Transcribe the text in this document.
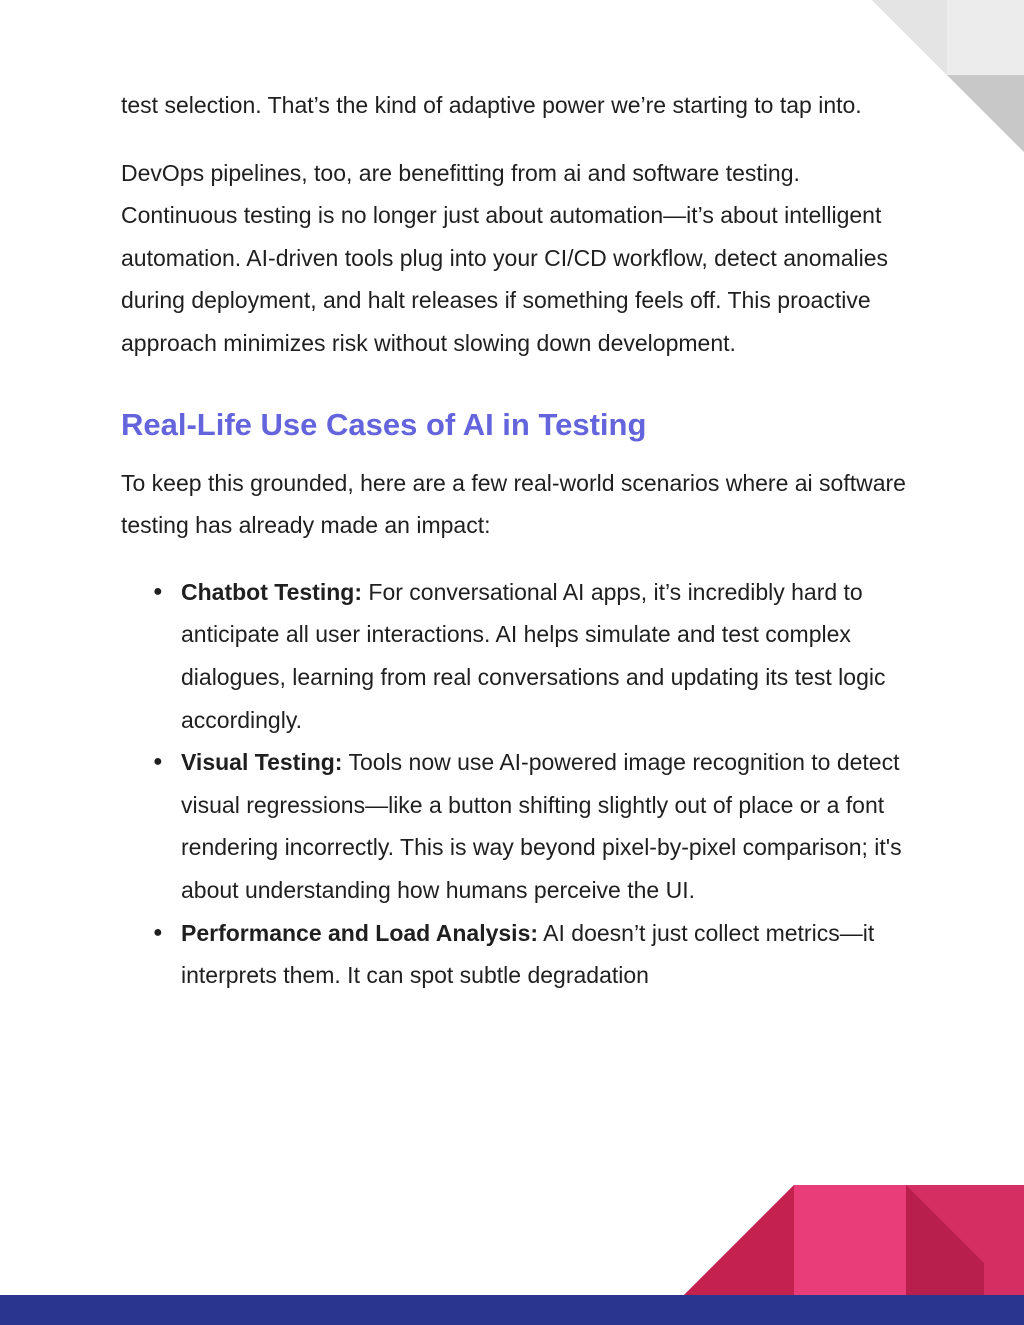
test selection. That’s the kind of adaptive power we’re starting to tap into.

DevOps pipelines, too, are benefitting from ai and software testing. Continuous testing is no longer just about automation—it’s about intelligent automation. AI-driven tools plug into your CI/CD workflow, detect anomalies during deployment, and halt releases if something feels off. This proactive approach minimizes risk without slowing down development.

Real-Life Use Cases of AI in Testing

To keep this grounded, here are a few real-world scenarios where ai software testing has already made an impact:

● Chatbot Testing: For conversational AI apps, it’s incredibly hard to anticipate all user interactions. AI helps simulate and test complex dialogues, learning from real conversations and updating its test logic accordingly.
● Visual Testing: Tools now use AI-powered image recognition to detect visual regressions—like a button shifting slightly out of place or a font rendering incorrectly. This is way beyond pixel-by-pixel comparison; it's about understanding how humans perceive the UI.
● Performance and Load Analysis: AI doesn’t just collect metrics—it interprets them. It can spot subtle degradation
